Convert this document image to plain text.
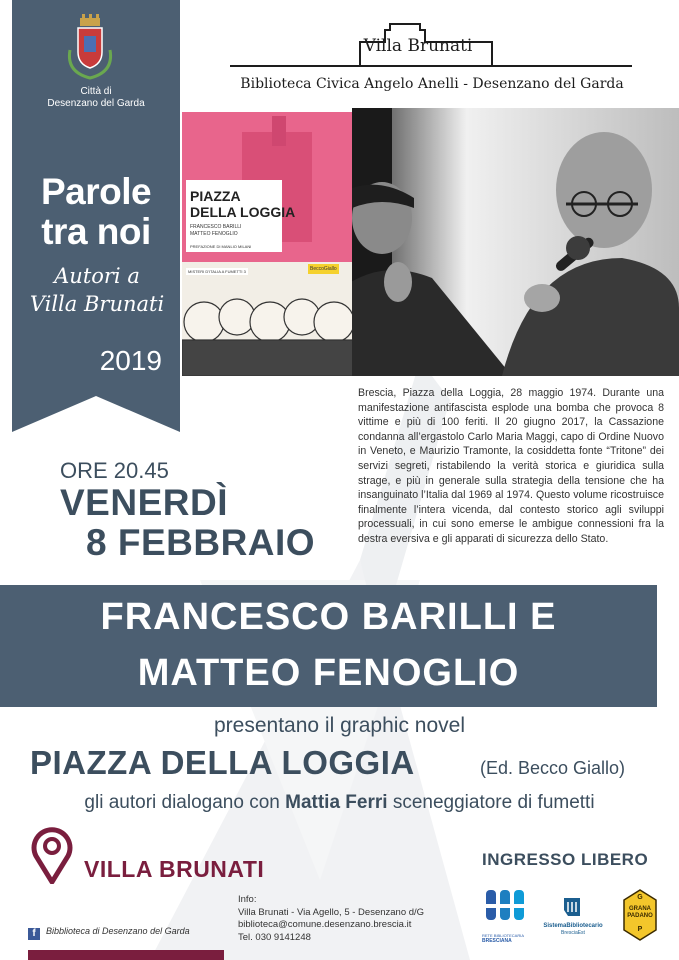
Città di
Desenzano del Garda
Parole
tra noi
Autori a
Villa Brunati
2019
Villa Brunati
Biblioteca Civica Angelo Anelli - Desenzano del Garda
PIAZZA
DELLA LOGGIA
FRANCESCO BARILLI
MATTEO FENOGLIO
PREFAZIONE DI MANLIO MILANI
MISTERI D'ITALIA A FUMETTI 3	BeccoGiallo
Brescia, Piazza della Loggia, 28 maggio 1974. Durante una manifestazione antifascista esplode una bomba che provoca 8 vittime e più di 100 feriti. Il 20 giugno 2017, la Cassazione condanna all’ergastolo Carlo Maria Maggi, capo di Ordine Nuovo in Veneto, e Maurizio Tramonte, la cosiddetta fonte “Tritone” dei servizi segreti, ristabilendo la verità storica e giuridica sulla strage, e più in generale sulla strategia della tensione che ha insanguinato l’Italia dal 1969 al 1974. Questo volume ricostruisce finalmente l’intera vicenda, dal contesto storico agli sviluppi processuali, in cui sono emerse le ambigue connessioni fra la destra eversiva e gli apparati di sicurezza dello Stato.
ORE 20.45
VENERDÌ
8 FEBBRAIO
FRANCESCO BARILLI E
MATTEO FENOGLIO
presentano il graphic novel
PIAZZA DELLA LOGGIA	(Ed. Becco Giallo)
gli autori dialogano con Mattia Ferri sceneggiatore di fumetti
VILLA BRUNATI
f	Bibblioteca di Desenzano del Garda
Info:
Villa Brunati - Via Agello, 5 - Desenzano d/G
biblioteca@comune.desenzano.brescia.it
Tel. 030 9141248
INGRESSO LIBERO
RETE BIBLIOTECARIA
BRESCIANA
SistemaBibliotecario
BresciaEst
G
GRANA
PADANO
P
